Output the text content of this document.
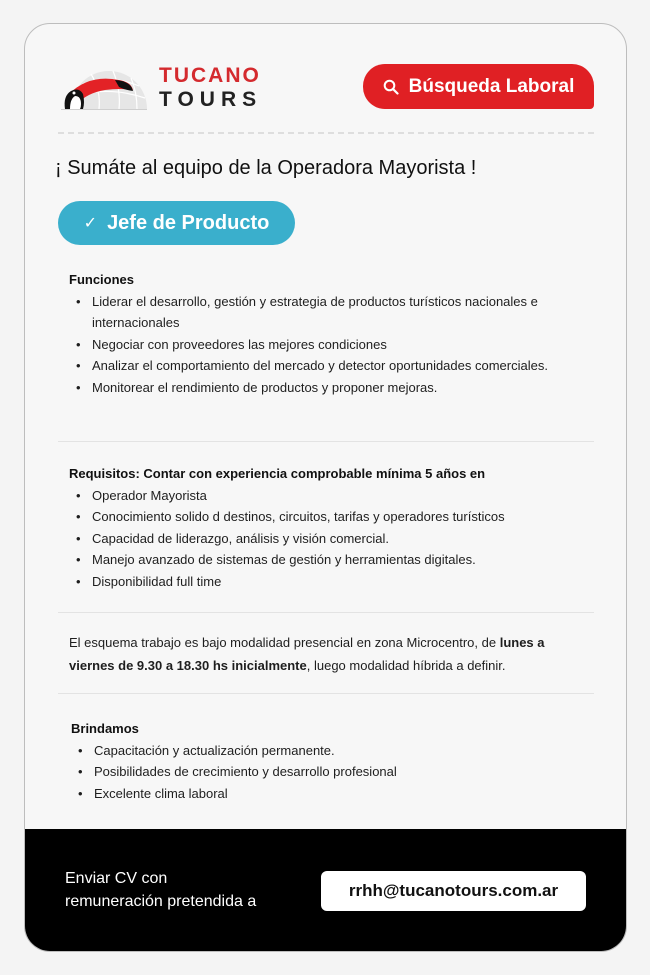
TUCANO
TOURS
Búsqueda Laboral
¡ Sumáte al equipo de la Operadora Mayorista !
✓ Jefe de Producto
Funciones
• Liderar el desarrollo, gestión y estrategia de productos turísticos nacionales e internacionales
• Negociar con proveedores las mejores condiciones
• Analizar el comportamiento del mercado y detector oportunidades comerciales.
• Monitorear el rendimiento de productos y proponer mejoras.
Requisitos: Contar con experiencia comprobable mínima 5 años en
• Operador Mayorista
• Conocimiento solido d destinos, circuitos, tarifas y operadores turísticos
• Capacidad de liderazgo, análisis y visión comercial.
• Manejo avanzado de sistemas de gestión y herramientas digitales.
• Disponibilidad full time
El esquema trabajo es bajo modalidad presencial en zona Microcentro, de lunes a viernes de 9.30 a 18.30 hs inicialmente, luego modalidad híbrida a definir.
Brindamos
• Capacitación y actualización permanente.
• Posibilidades de crecimiento y desarrollo profesional
• Excelente clima laboral
Enviar CV con
remuneración pretendida a
rrhh@tucanotours.com.ar
